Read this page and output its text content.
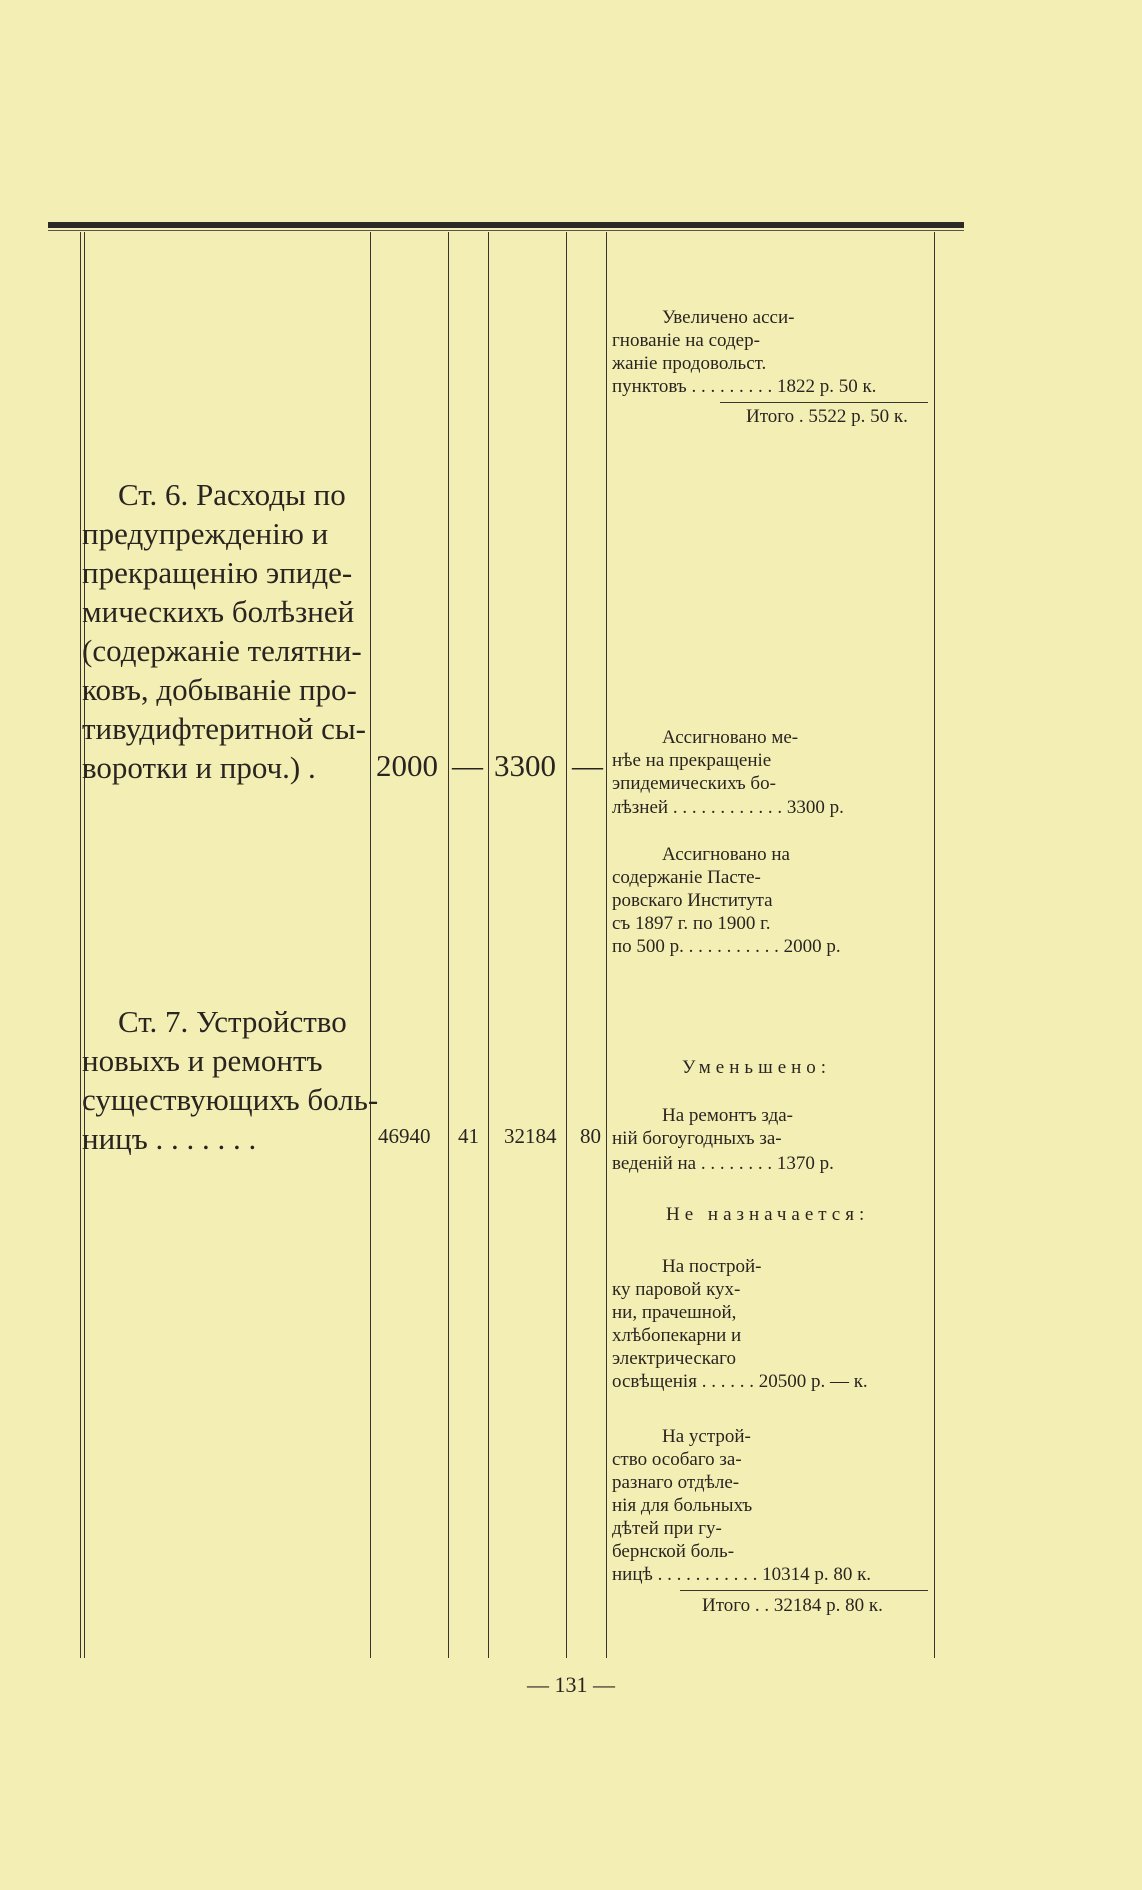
Ст. 6. Расходы по
предупрежденію и
прекращенію эпиде-
мическихъ болѣзней
(содержаніе телятни-
ковъ, добываніе про-
тивудифтеритной сы-
воротки и проч.) . 2000 — 3300 —
Ст. 7. Устройство
новыхъ и ремонтъ
существующихъ боль-
ницъ . . . . . . .	46940 41 32184 80
Увеличено асси-
гнованіе на содер-
жаніе продовольст.
пунктовъ . . . . . . . . . 1822 р. 50 к.
Итого . 5522 р. 50 к.
Ассигновано ме-
нѣе на прекращеніе
эпидемическихъ бо-
лѣзней . . . . . . . . . . . . 3300 р.
Ассигновано на
содержаніе Пасте-
ровскаго Института
съ 1897 г. по 1900 г.
по 500 р. . . . . . . . . . . 2000 р.
Уменьшено:
На ремонтъ зда-
ній богоугодныхъ за-
веденій на . . . . . . . . 1370 р.
Не назначается:
На построй-
ку паровой кух-
ни, прачешной,
хлѣбопекарни и
электрическаго
освѣщенія . . . . . . 20500 р. — к.
На устрой-
ство особаго за-
разнаго отдѣле-
нія для больныхъ
дѣтей при гу-
бернской боль-
ницѣ . . . . . . . . . . . 10314 р. 80 к.
Итого . . 32184 р. 80 к.
— 131 —
